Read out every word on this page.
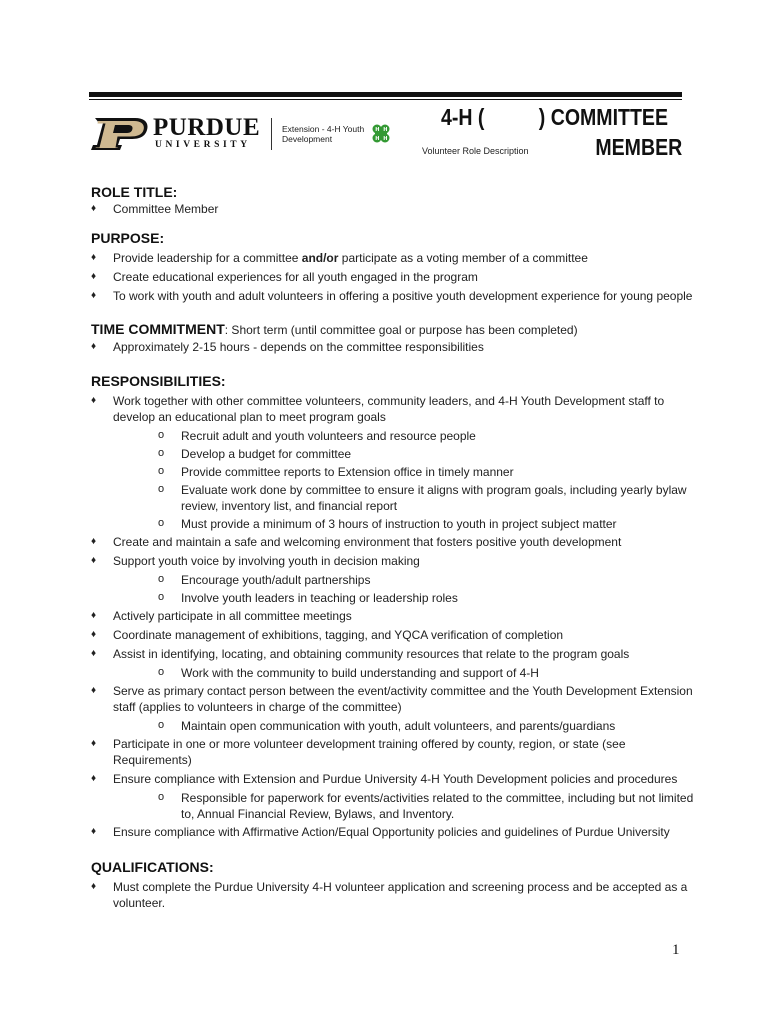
PURDUE
UNIVERSITY
Extension - 4-H Youth Development
H H
H H
4-H (          ) COMMITTEE
MEMBER
Volunteer Role Description

ROLE TITLE:

♦ Committee Member

PURPOSE:

♦ Provide leadership for a committee and/or participate as a voting member of a committee
♦ Create educational experiences for all youth engaged in the program
♦ To work with youth and adult volunteers in offering a positive youth development experience for young people
TIME COMMITMENT: Short term (until committee goal or purpose has been completed)
♦ Approximately 2-15 hours - depends on the committee responsibilities

RESPONSIBILITIES:

♦ Work together with other committee volunteers, community leaders, and 4-H Youth Development staff to develop an educational plan to meet program goals
o Recruit adult and youth volunteers and resource people
o Develop a budget for committee
o Provide committee reports to Extension office in timely manner
o Evaluate work done by committee to ensure it aligns with program goals, including yearly bylaw review, inventory list, and financial report
o Must provide a minimum of 3 hours of instruction to youth in project subject matter
♦ Create and maintain a safe and welcoming environment that fosters positive youth development
♦ Support youth voice by involving youth in decision making
o Encourage youth/adult partnerships
o Involve youth leaders in teaching or leadership roles
♦ Actively participate in all committee meetings
♦ Coordinate management of exhibitions, tagging, and YQCA verification of completion
♦ Assist in identifying, locating, and obtaining community resources that relate to the program goals
o Work with the community to build understanding and support of 4-H
♦ Serve as primary contact person between the event/activity committee and the Youth Development Extension staff (applies to volunteers in charge of the committee)
o Maintain open communication with youth, adult volunteers, and parents/guardians
♦ Participate in one or more volunteer development training offered by county, region, or state (see Requirements)
♦ Ensure compliance with Extension and Purdue University 4-H Youth Development policies and procedures
o Responsible for paperwork for events/activities related to the committee, including but not limited to, Annual Financial Review, Bylaws, and Inventory.
♦ Ensure compliance with Affirmative Action/Equal Opportunity policies and guidelines of Purdue University

QUALIFICATIONS:

♦ Must complete the Purdue University 4-H volunteer application and screening process and be accepted as a volunteer.
1
